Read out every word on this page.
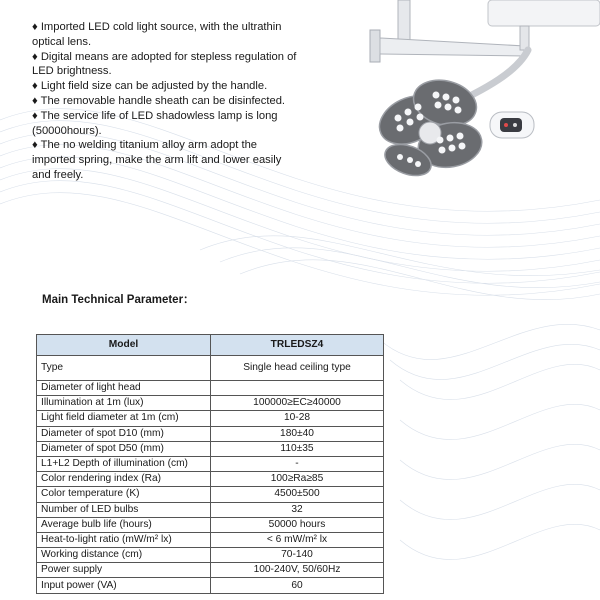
♦ Imported LED cold light source, with the ultrathin optical lens.

♦ Digital means are adopted for stepless regulation of LED brightness.

♦ Light field size can be adjusted by the handle.

♦ The removable handle sheath can be disinfected.

♦ The service life of LED shadowless lamp is long (50000hours).

♦ The no welding titanium alloy arm adopt the imported spring, make the arm lift and lower easily and freely.

Main Technical Parameter：
Model	TRLEDSZ4
Type	Single head ceiling type
Diameter of light head	
Illumination at 1m (lux)	100000≥EC≥40000
Light field diameter at 1m (cm)	10-28
Diameter of spot D10 (mm)	180±40
Diameter of spot D50 (mm)	110±35
L1+L2 Depth of illumination (cm)	-
Color rendering index (Ra)	100≥Ra≥85
Color temperature (K)	4500±500
Number of LED bulbs	32
Average bulb life (hours)	50000 hours
Heat-to-light ratio (mW/m² lx)	< 6 mW/m² lx
Working distance (cm)	70-140
Power supply	100-240V, 50/60Hz
Input power (VA)	60
